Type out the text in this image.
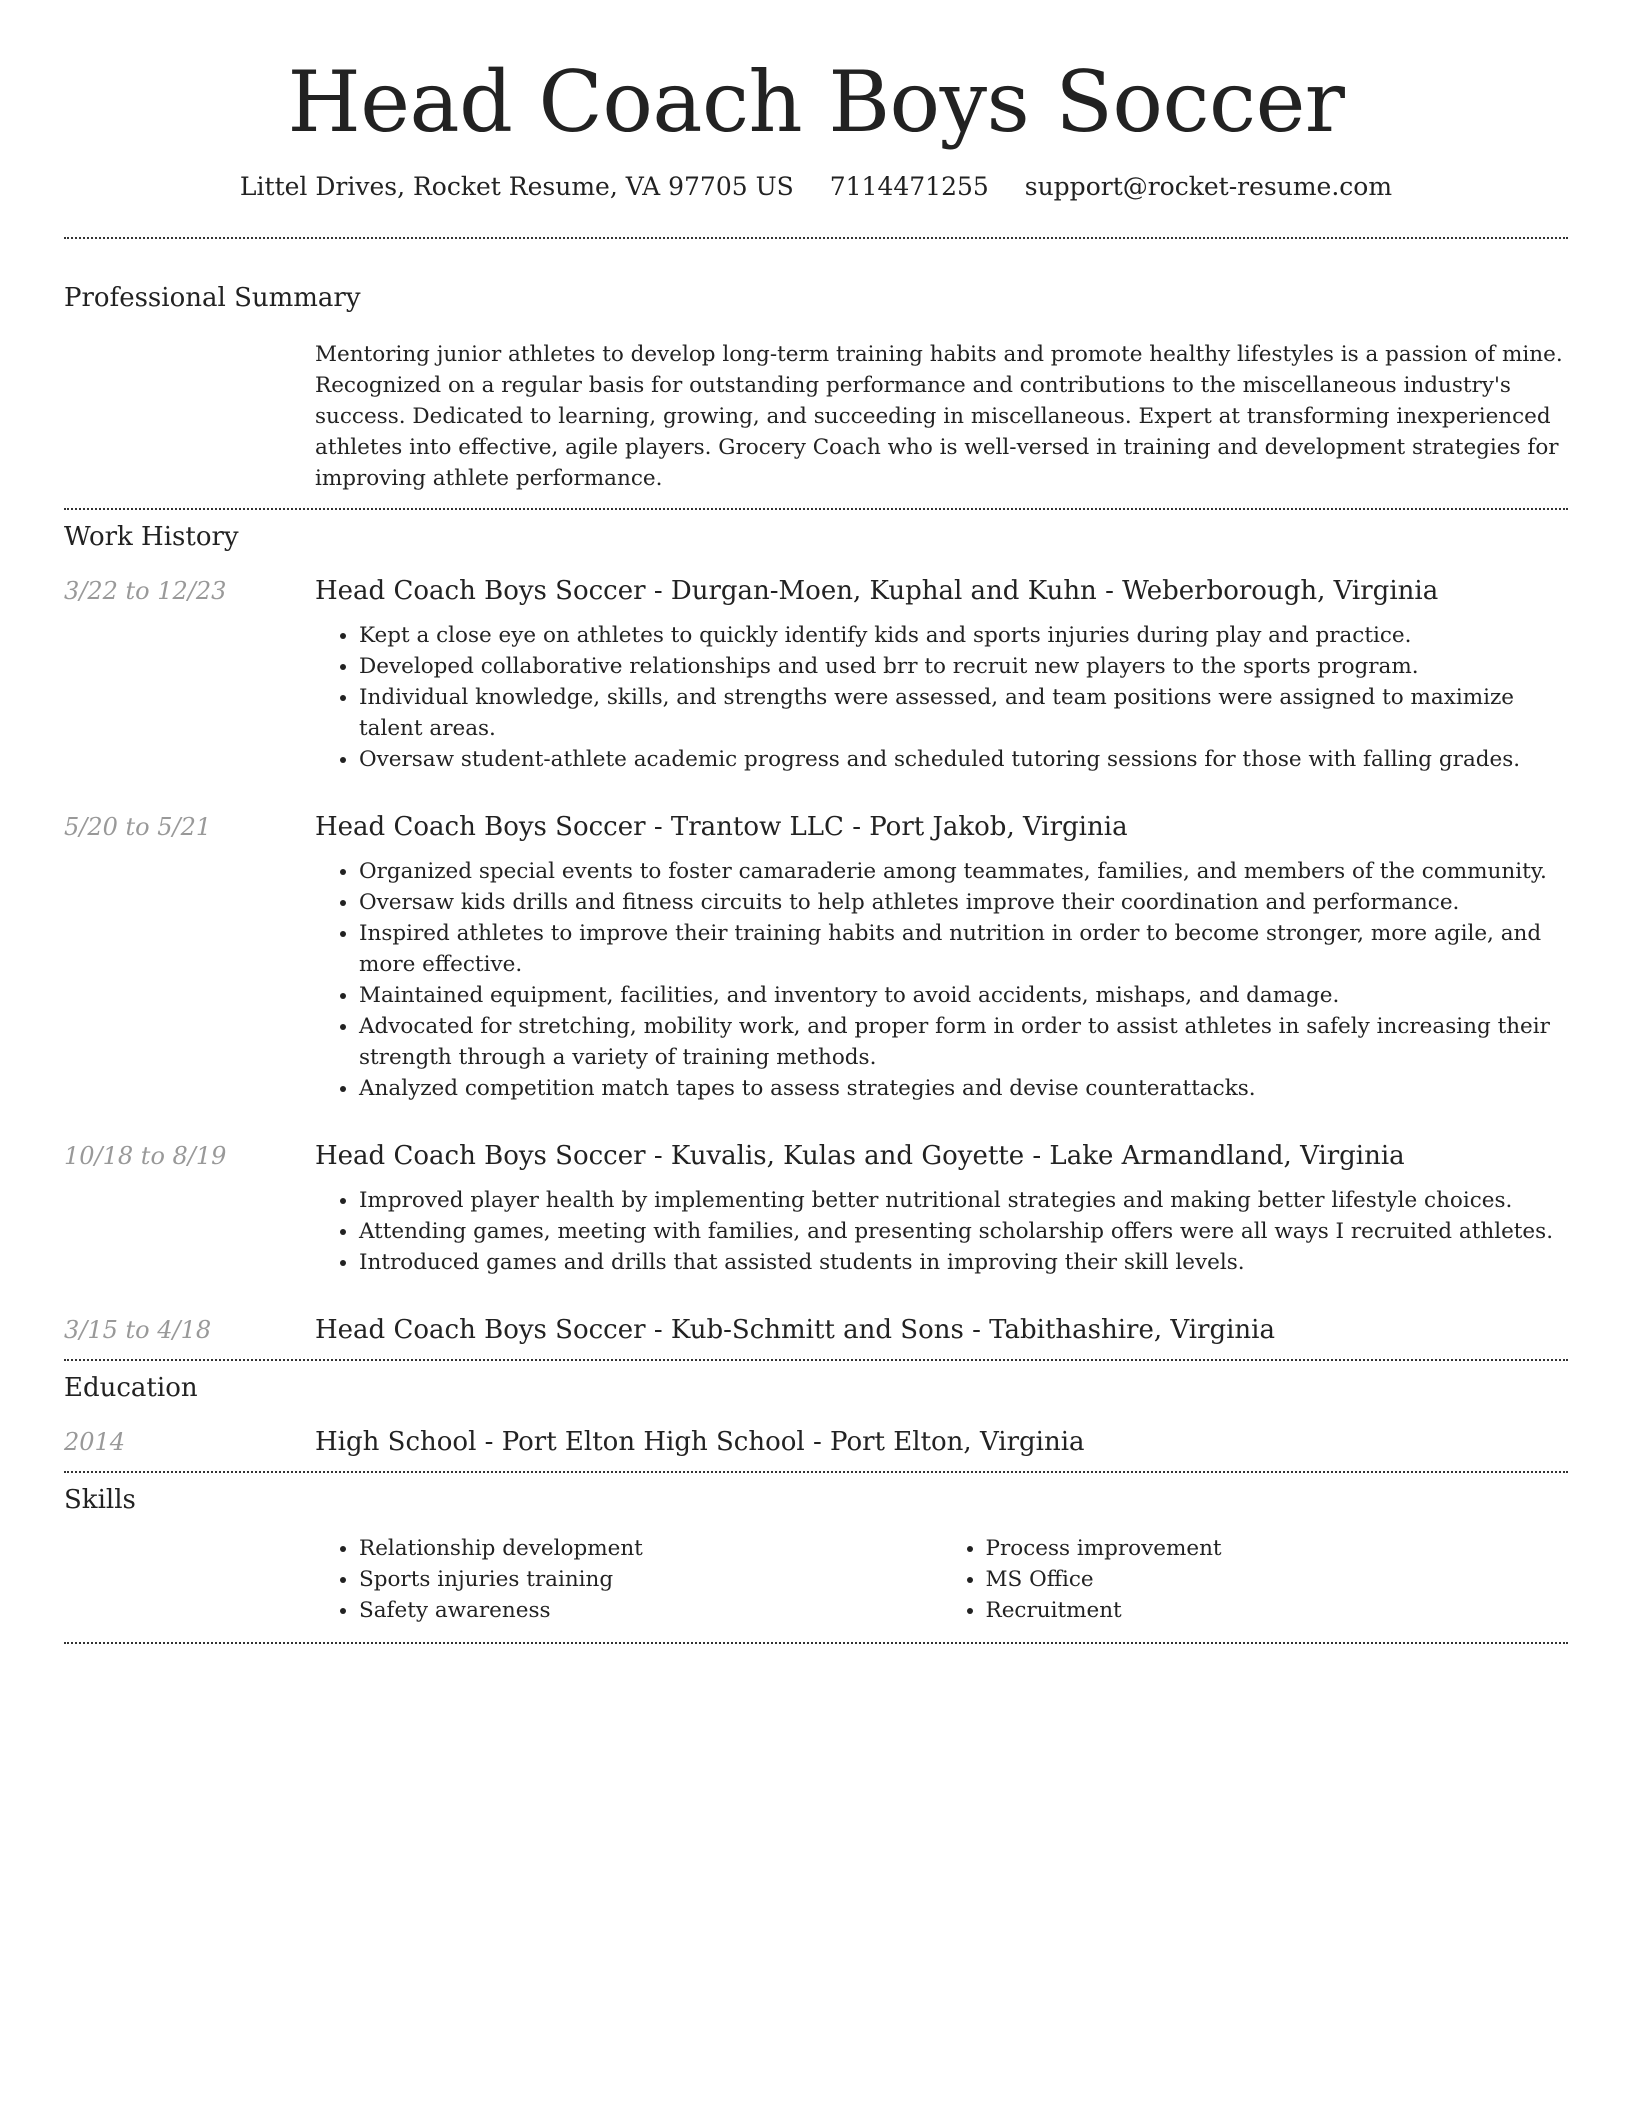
Head Coach Boys Soccer
Littel Drives, Rocket Resume, VA 97705 US 7114471255 support@rocket-resume.com
Professional Summary
Mentoring junior athletes to develop long-term training habits and promote healthy lifestyles is a passion of mine. Recognized on a regular basis for outstanding performance and contributions to the miscellaneous industry's success. Dedicated to learning, growing, and succeeding in miscellaneous. Expert at transforming inexperienced athletes into effective, agile players. Grocery Coach who is well-versed in training and development strategies for improving athlete performance.
Work History
3/22 to 12/23	Head Coach Boys Soccer - Durgan-Moen, Kuphal and Kuhn - Weberborough, Virginia
• Kept a close eye on athletes to quickly identify kids and sports injuries during play and practice.
• Developed collaborative relationships and used brr to recruit new players to the sports program.
• Individual knowledge, skills, and strengths were assessed, and team positions were assigned to maximize talent areas.
• Oversaw student-athlete academic progress and scheduled tutoring sessions for those with falling grades.
5/20 to 5/21	Head Coach Boys Soccer - Trantow LLC - Port Jakob, Virginia
• Organized special events to foster camaraderie among teammates, families, and members of the community.
• Oversaw kids drills and fitness circuits to help athletes improve their coordination and performance.
• Inspired athletes to improve their training habits and nutrition in order to become stronger, more agile, and more effective.
• Maintained equipment, facilities, and inventory to avoid accidents, mishaps, and damage.
• Advocated for stretching, mobility work, and proper form in order to assist athletes in safely increasing their strength through a variety of training methods.
• Analyzed competition match tapes to assess strategies and devise counterattacks.
10/18 to 8/19	Head Coach Boys Soccer - Kuvalis, Kulas and Goyette - Lake Armandland, Virginia
• Improved player health by implementing better nutritional strategies and making better lifestyle choices.
• Attending games, meeting with families, and presenting scholarship offers were all ways I recruited athletes.
• Introduced games and drills that assisted students in improving their skill levels.
3/15 to 4/18	Head Coach Boys Soccer - Kub-Schmitt and Sons - Tabithashire, Virginia
Education
2014	High School - Port Elton High School - Port Elton, Virginia
Skills
• Relationship development
• Sports injuries training
• Safety awareness
• Process improvement
• MS Office
• Recruitment
